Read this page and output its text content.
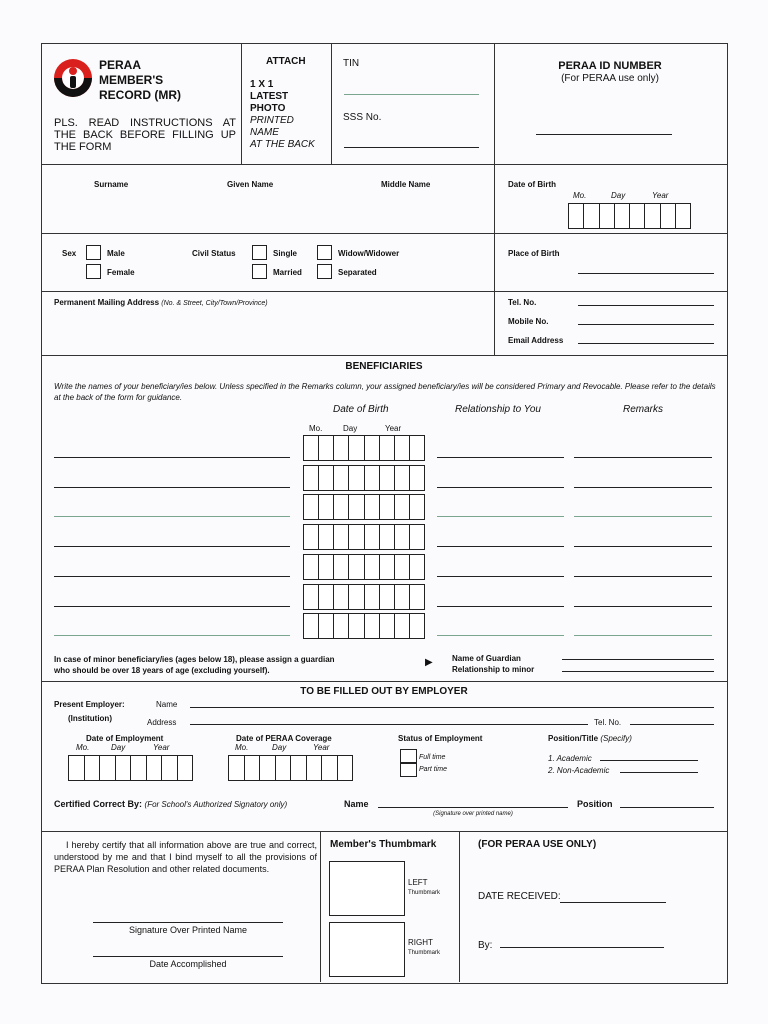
PERAA
MEMBER'S
RECORD (MR)
PLS. READ INSTRUCTIONS AT THE BACK BEFORE FILLING UP THE FORM
ATTACH
1 X 1
LATEST
PHOTO
PRINTED
NAME
AT THE BACK
TIN
SSS No.
PERAA ID NUMBER
(For PERAA use only)
Surname	Given Name	Middle Name	Date of Birth
Mo.	Day	Year
Sex	Male
Female
Civil Status	Single
Married
Widow/Widower
Separated
Place of Birth
Permanent Mailing Address (No. & Street, City/Town/Province)	Tel. No.
Mobile No.
Email Address
BENEFICIARIES
Write the names of your beneficiary/ies below. Unless specified in the Remarks column, your assigned beneficiary/ies will be considered Primary and Revocable. Please refer to the details at the back of the form for guidance.
Date of Birth	Relationship to You	Remarks
Mo.	Day	Year
In case of minor beneficiary/ies (ages below 18), please assign a guardian
who should be over 18 years of age (excluding yourself).
▶ Name of Guardian
Relationship to minor
TO BE FILLED OUT BY EMPLOYER
Present Employer:
(Institution)
Name
Address	Tel. No.
Date of Employment
Mo.	Day	Year
Date of PERAA Coverage
Mo.	Day	Year
Status of Employment
Full time
Part time
Position/Title (Specify)
1. Academic
2. Non-Academic
Certified Correct By: (For School's Authorized Signatory only)	Name
(Signature over printed name)
Position
I hereby certify that all information above are true and correct, understood by me and that I bind myself to all the provisions of PERAA Plan Resolution and other related documents.
Signature Over Printed Name
Date Accomplished
Member's Thumbmark
LEFT
Thumbmark
RIGHT
Thumbmark
(FOR PERAA USE ONLY)
DATE RECEIVED:
By:
